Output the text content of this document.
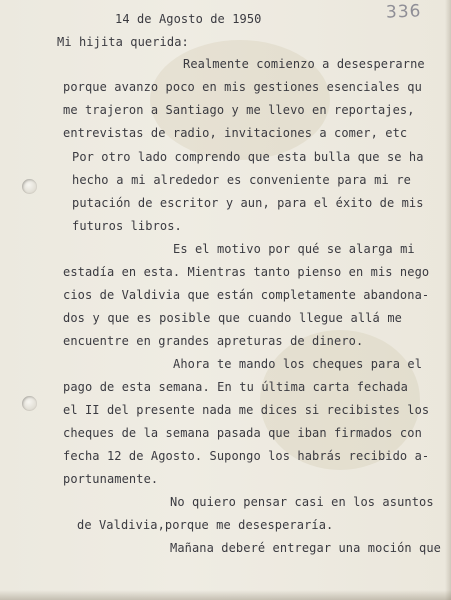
336
14 de Agosto de 1950
Mi hijita querida:
Realmente comienzo a desesperarne
porque avanzo poco en mis gestiones esenciales qu
me trajeron a Santiago y me llevo en reportajes,
entrevistas de radio, invitaciones a comer, etc
Por otro lado comprendo que esta bulla que se ha
hecho a mi alrededor es conveniente para mi re
putación de escritor y aun, para el éxito de mis
futuros libros.
Es el motivo por qué se alarga mi
estadía en esta. Mientras tanto pienso en mis nego
cios de Valdivia que están completamente abandona-
dos y que es posible que cuando llegue allá me
encuentre en grandes apreturas de dinero.
Ahora te mando los cheques para el
pago de esta semana. En tu última carta fechada
el II del presente nada me dices si recibistes los
cheques de la semana pasada que iban firmados con
fecha 12 de Agosto. Supongo los habrás recibido a-
portunamente.
No quiero pensar casi en los asuntos
de Valdivia,porque me desesperaría.
Mañana deberé entregar una moción que
